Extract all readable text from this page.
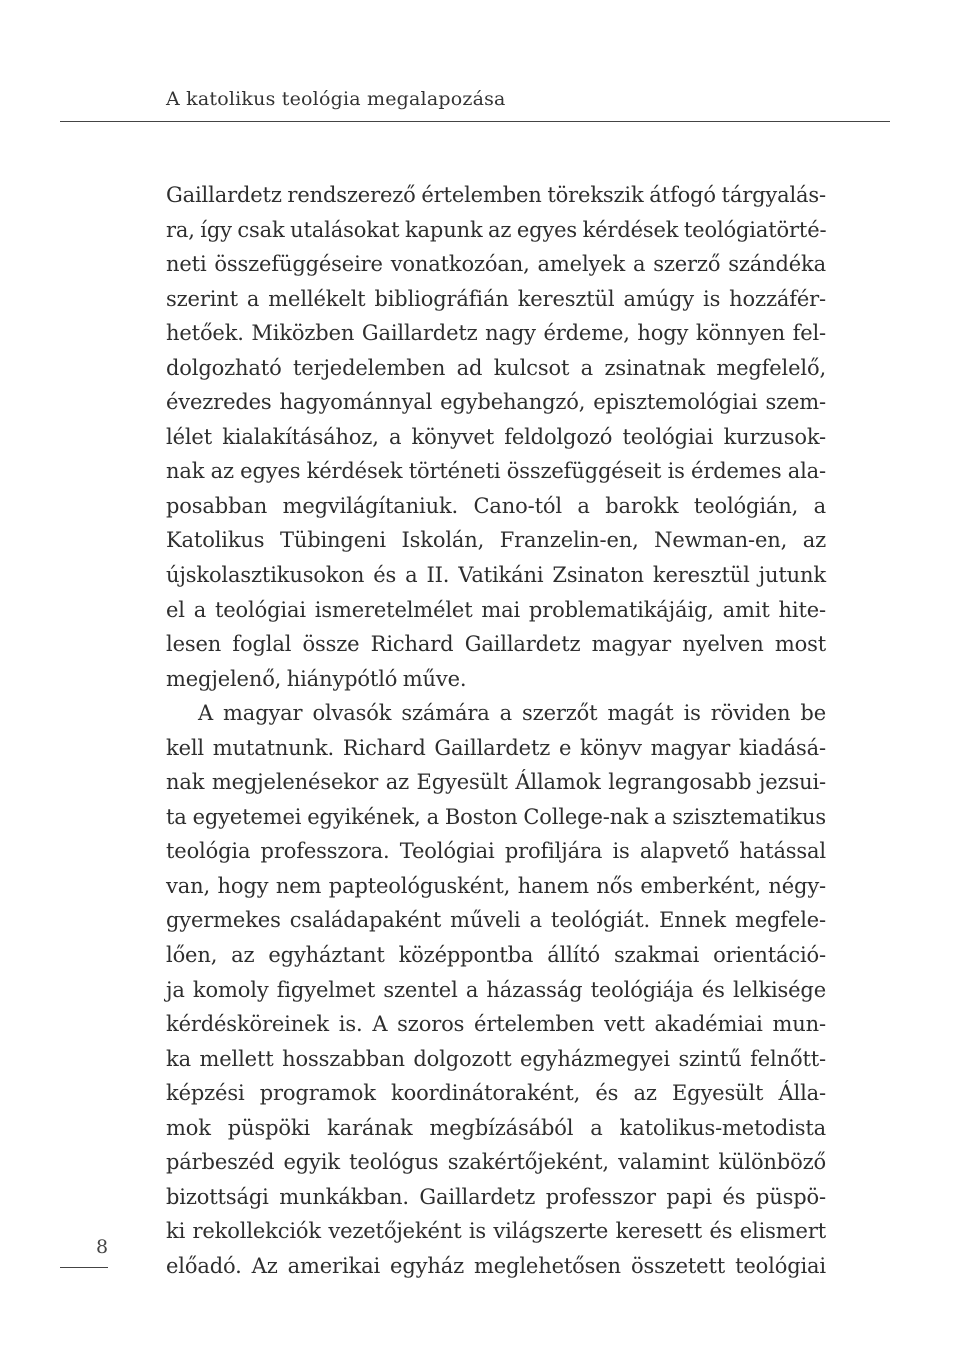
A katolikus teológia megalapozása
Gaillardetz rendszerező értelemben törekszik átfogó tárgyalás-
ra, így csak utalásokat kapunk az egyes kérdések teológiatörté-
neti összefüggéseire vonatkozóan, amelyek a szerző szándéka
szerint a mellékelt bibliográfián keresztül amúgy is hozzáfér-
hetőek. Miközben Gaillardetz nagy érdeme, hogy könnyen fel-
dolgozható terjedelemben ad kulcsot a zsinatnak megfelelő,
évezredes hagyománnyal egybehangzó, episztemológiai szem-
lélet kialakításához, a könyvet feldolgozó teológiai kurzusok-
nak az egyes kérdések történeti összefüggéseit is érdemes ala-
posabban megvilágítaniuk. Cano-tól a barokk teológián, a
Katolikus Tübingeni Iskolán, Franzelin-en, Newman-en, az
újskolasztikusokon és a II. Vatikáni Zsinaton keresztül jutunk
el a teológiai ismeretelmélet mai problematikájáig, amit hite-
lesen foglal össze Richard Gaillardetz magyar nyelven most
megjelenő, hiánypótló műve.
A magyar olvasók számára a szerzőt magát is röviden be
kell mutatnunk. Richard Gaillardetz e könyv magyar kiadásá-
nak megjelenésekor az Egyesült Államok legrangosabb jezsui-
ta egyetemei egyikének, a Boston College-nak a szisztematikus
teológia professzora. Teológiai profiljára is alapvető hatással
van, hogy nem papteológusként, hanem nős emberként, négy-
gyermekes családapaként műveli a teológiát. Ennek megfele-
lően, az egyháztant középpontba állító szakmai orientáció-
ja komoly figyelmet szentel a házasság teológiája és lelkisége
kérdésköreinek is. A szoros értelemben vett akadémiai mun-
ka mellett hosszabban dolgozott egyházmegyei szintű felnőtt-
képzési programok koordinátoraként, és az Egyesült Álla-
mok püspöki karának megbízásából a katolikus-metodista
párbeszéd egyik teológus szakértőjeként, valamint különböző
bizottsági munkákban. Gaillardetz professzor papi és püspö-
ki rekollekciók vezetőjeként is világszerte keresett és elismert
előadó. Az amerikai egyház meglehetősen összetett teológiai
8
